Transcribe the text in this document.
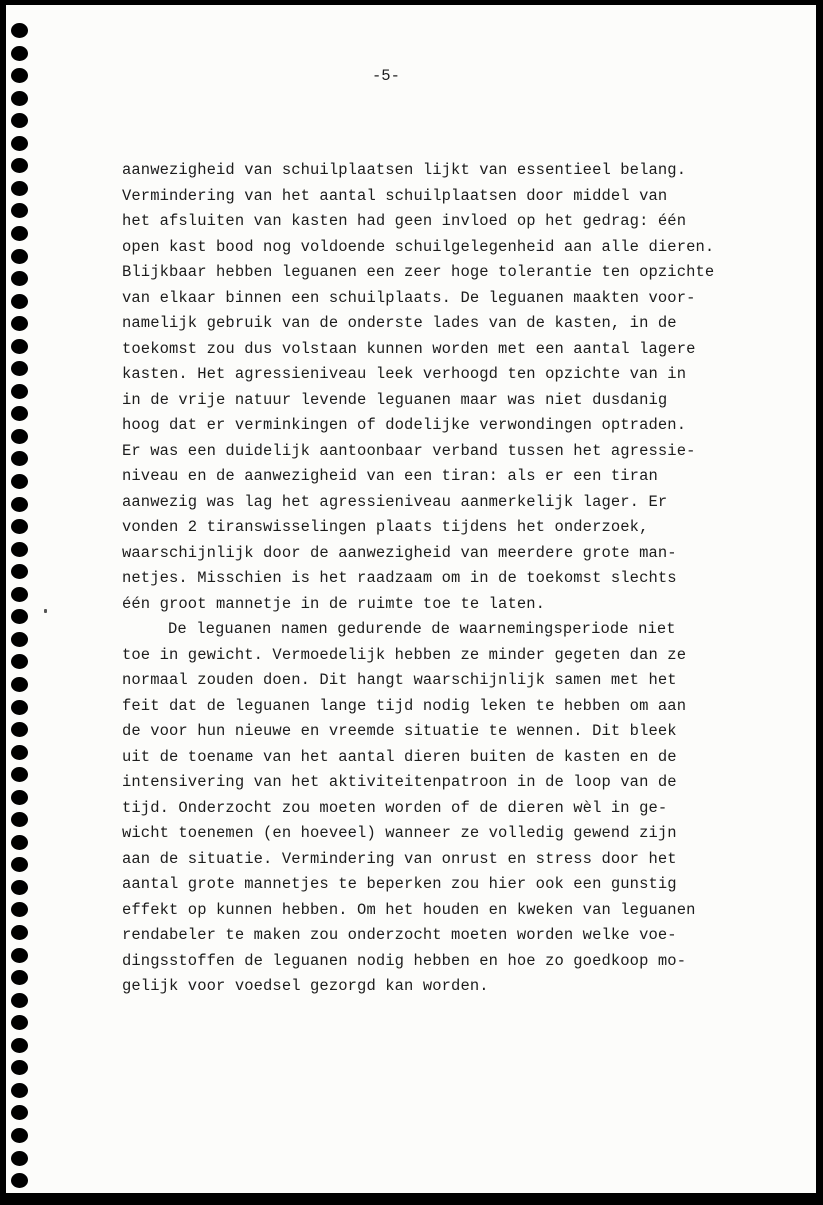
-5-
aanwezigheid van schuilplaatsen lijkt van essentieel belang.
Vermindering van het aantal schuilplaatsen door middel van
het afsluiten van kasten had geen invloed op het gedrag: één
open kast bood nog voldoende schuilgelegenheid aan alle dieren.
Blijkbaar hebben leguanen een zeer hoge tolerantie ten opzichte
van elkaar binnen een schuilplaats. De leguanen maakten voor-
namelijk gebruik van de onderste lades van de kasten, in de
toekomst zou dus volstaan kunnen worden met een aantal lagere
kasten. Het agressieniveau leek verhoogd ten opzichte van in
in de vrije natuur levende leguanen maar was niet dusdanig
hoog dat er verminkingen of dodelijke verwondingen optraden.
Er was een duidelijk aantoonbaar verband tussen het agressie-
niveau en de aanwezigheid van een tiran: als er een tiran
aanwezig was lag het agressieniveau aanmerkelijk lager. Er
vonden 2 tiranswisselingen plaats tijdens het onderzoek,
waarschijnlijk door de aanwezigheid van meerdere grote man-
netjes. Misschien is het raadzaam om in de toekomst slechts
één groot mannetje in de ruimte toe te laten.
De leguanen namen gedurende de waarnemingsperiode niet
toe in gewicht. Vermoedelijk hebben ze minder gegeten dan ze
normaal zouden doen. Dit hangt waarschijnlijk samen met het
feit dat de leguanen lange tijd nodig leken te hebben om aan
de voor hun nieuwe en vreemde situatie te wennen. Dit bleek
uit de toename van het aantal dieren buiten de kasten en de
intensivering van het aktiviteitenpatroon in de loop van de
tijd. Onderzocht zou moeten worden of de dieren wèl in ge-
wicht toenemen (en hoeveel) wanneer ze volledig gewend zijn
aan de situatie. Vermindering van onrust en stress door het
aantal grote mannetjes te beperken zou hier ook een gunstig
effekt op kunnen hebben. Om het houden en kweken van leguanen
rendabeler te maken zou onderzocht moeten worden welke voe-
dingsstoffen de leguanen nodig hebben en hoe zo goedkoop mo-
gelijk voor voedsel gezorgd kan worden.
